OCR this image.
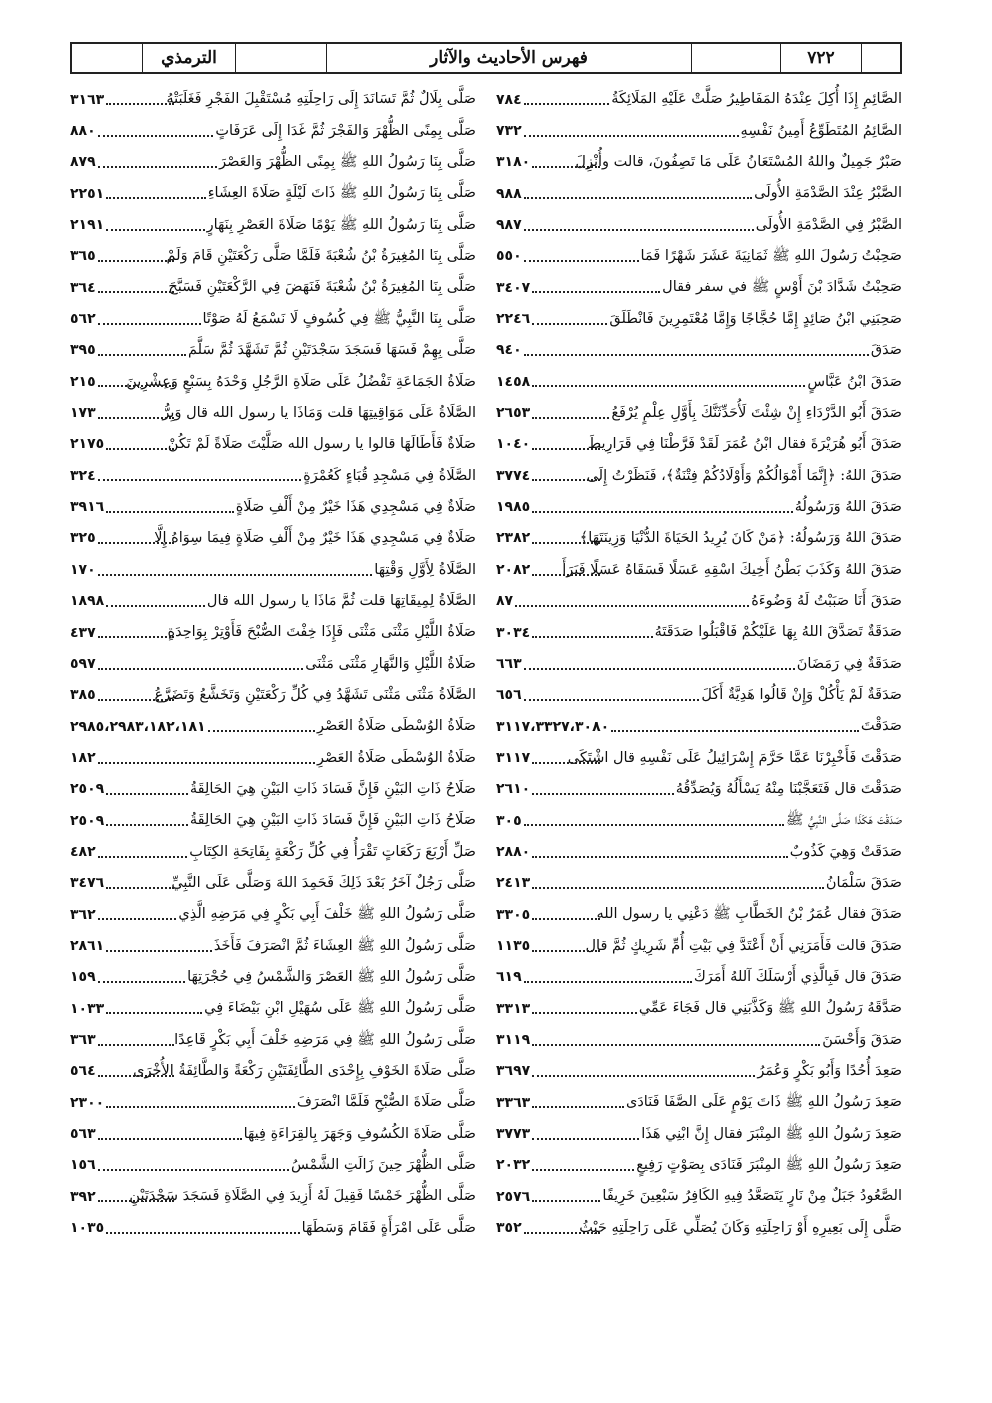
٧٢٢
فهرس الأحاديث والآثار
الترمذي
الصَّائِمِ إِذَا أُكِلَ عِنْدَهُ المَفَاطِيرُ صَلَّتْ عَلَيْهِ المَلَائِكَةُ
٧٨٤
الصَّائِمُ المُتَطَوِّعُ أَمِينُ نَفْسِهِ
٧٣٢
صَبْرٌ جَمِيلٌ واللهُ المُسْتَعَانُ عَلَى مَا تَصِفُونَ، قالت وأُنْزِلَ
٣١٨٠
الصَّبْرُ عِنْدَ الصَّدْمَةِ الأُولَى
٩٨٨
الصَّبْرُ فِي الصَّدْمَةِ الأُولَى
٩٨٧
صَحِبْتُ رَسُولَ اللهِ ﷺ ثَمَانِيَةَ عَشَرَ شَهْرًا فَمَا
٥٥٠
صَحِبْتُ شَدَّادَ بْنَ أَوْسٍ ﷺ في سفر فقال
٣٤٠٧
صَحِبَنِي ابْنُ صَائِدٍ إِمَّا حُجَّاجًا وَإِمَّا مُعْتَمِرِينَ فَانْطَلَقَ
٢٢٤٦
صَدَقَ
٩٤٠
صَدَقَ ابْنُ عَبَّاسٍ
١٤٥٨
صَدَقَ أَبُو الدَّرْدَاءِ إِنْ شِئْتَ لَأُحَدِّثَنَّكَ بِأَوَّلِ عِلْمٍ يُرْفَعُ
٢٦٥٣
صَدَقَ أَبُو هُرَيْرَةَ فقال ابْنُ عُمَرَ لَقَدْ فَرَّطْنَا فِي قَرَارِيطَ
١٠٤٠
صَدَقَ اللهُ: ﴿إِنَّمَا أَمْوَالُكُمْ وَأَوْلَادُكُمْ فِتْنَةٌ﴾، فَنَظَرْتُ إِلَى
٣٧٧٤
صَدَقَ اللهُ وَرَسُولُهُ
١٩٨٥
صَدَقَ اللهُ وَرَسُولُهُ: ﴿مَنْ كَانَ يُرِيدُ الحَيَاةَ الدُّنْيَا وَزِينَتَهَا﴾
٢٣٨٢
صَدَقَ اللهُ وَكَذَبَ بَطْنُ أَخِيكَ اسْقِهِ عَسَلًا فَسَقَاهُ عَسَلًا فَبَرَأَ
٢٠٨٢
صَدَقَ أَنَا صَبَبْتُ لَهُ وَضُوءَهُ
٨٧
صَدَقَةٌ تَصَدَّقَ اللهُ بِهَا عَلَيْكُمْ فَاقْبَلُوا صَدَقَتَهُ
٣٠٣٤
صَدَقَةٌ فِي رَمَضَانَ
٦٦٣
صَدَقَةٌ لَمْ يَأْكُلْ وَإِنْ قَالُوا هَدِيَّةٌ أَكَلَ
٦٥٦
صَدَقْتَ
٣١١٧،٣٣٢٧،٣٠٨٠
صَدَقْتَ فَأَخْبِرْنَا عَمَّا حَرَّمَ إِسْرَائِيلُ عَلَى نَفْسِهِ قال اشْتَكَى
٣١١٧
صَدَقْتَ قال فَتَعَجَّبْنَا مِنْهُ يَسْأَلُهُ وَيُصَدِّقُهُ
٢٦١٠
صَدَقْتَ هَكَذَا صَلَّى النَّبِيُّ ﷺ
٣٠٥
صَدَقَتْ وَهِيَ كَذُوبٌ
٢٨٨٠
صَدَقَ سَلْمَانُ
٢٤١٣
صَدَقَ فقال عُمَرُ بْنُ الخَطَّابِ ﷺ دَعْنِي يا رسول الله
٣٣٠٥
صَدَقَ قالت فَأَمَرَنِي أَنْ أَعْتَدَّ فِي بَيْتِ أُمِّ شَرِيكٍ ثُمَّ قال
١١٣٥
صَدَقَ قال فَبِالَّذِي أَرْسَلَكَ آللهُ أَمَرَكَ
٦١٩
صَدَّقَهُ رَسُولُ اللهِ ﷺ وَكَذَّبَنِي قال فَجَاءَ عَمِّي
٣٣١٣
صَدَقَ وَأَحْسَنَ
٣١١٩
صَعِدَ أُحُدًا وَأَبُو بَكْرٍ وَعُمَرُ
٣٦٩٧
صَعِدَ رَسُولُ اللهِ ﷺ ذَاتَ يَوْمٍ عَلَى الصَّفَا فَنَادَى
٣٣٦٣
صَعِدَ رَسُولُ اللهِ ﷺ المِنْبَرَ فقال إِنَّ ابْنِي هَذَا
٣٧٧٣
صَعِدَ رَسُولُ اللهِ ﷺ المِنْبَرَ فَنَادَى بِصَوْتٍ رَفِيعٍ
٢٠٣٢
الصَّعُودُ جَبَلٌ مِنْ نَارٍ يَتَصَعَّدُ فِيهِ الكَافِرُ سَبْعِينَ خَرِيفًا
٢٥٧٦
صَلَّى إِلَى بَعِيرِهِ أَوْ رَاحِلَتِهِ وَكَانَ يُصَلِّي عَلَى رَاحِلَتِهِ حَيْثُ
٣٥٢
صَلَّى بِلَالٌ ثُمَّ تَسَانَدَ إِلَى رَاحِلَتِهِ مُسْتَقْبِلَ الفَجْرِ فَغَلَبَتْهُ
٣١٦٣
صَلَّى بِمِنًى الظُّهْرَ وَالفَجْرَ ثُمَّ غَدَا إِلَى عَرَفَاتٍ
٨٨٠
صَلَّى بِنَا رَسُولُ اللهِ ﷺ بِمِنًى الظُّهْرَ وَالعَصْرَ
٨٧٩
صَلَّى بِنَا رَسُولُ اللهِ ﷺ ذَاتَ لَيْلَةٍ صَلَاةَ العِشَاءِ
٢٢٥١
صَلَّى بِنَا رَسُولُ اللهِ ﷺ يَوْمًا صَلَاةَ العَصْرِ بِنَهَارٍ
٢١٩١
صَلَّى بِنَا المُغِيرَةُ بْنُ شُعْبَةَ فَلَمَّا صَلَّى رَكْعَتَيْنِ قَامَ وَلَمْ
٣٦٥
صَلَّى بِنَا المُغِيرَةُ بْنُ شُعْبَةَ فَنَهَضَ فِي الرَّكْعَتَيْنِ فَسَبَّحَ
٣٦٤
صَلَّى بِنَا النَّبِيُّ ﷺ فِي كُسُوفٍ لَا نَسْمَعُ لَهُ صَوْتًا
٥٦٢
صَلَّى بِهِمْ فَسَهَا فَسَجَدَ سَجْدَتَيْنِ ثُمَّ تَشَهَّدَ ثُمَّ سَلَّمَ
٣٩٥
صَلَاةُ الجَمَاعَةِ تَفْضُلُ عَلَى صَلَاةِ الرَّجُلِ وَحْدَهُ بِسَبْعٍ وَعِشْرِينَ
٢١٥
الصَّلَاةُ عَلَى مَوَاقِيتِهَا قلت وَمَاذَا يا رسول الله قال وَبِرُّ
١٧٣
صَلَاةٌ فَأَطَالَهَا قالوا يا رسول الله صَلَّيْتَ صَلَاةً لَمْ تَكُنْ
٢١٧٥
الصَّلَاةُ فِي مَسْجِدِ قُبَاءٍ كَعُمْرَةٍ
٣٢٤
صَلَاةٌ فِي مَسْجِدِي هَذَا خَيْرٌ مِنْ أَلْفِ صَلَاةٍ
٣٩١٦
صَلَاةٌ فِي مَسْجِدِي هَذَا خَيْرٌ مِنْ أَلْفِ صَلَاةٍ فِيمَا سِوَاهُ إِلَّا
٣٢٥
الصَّلَاةُ لِأَوَّلِ وَقْتِهَا
١٧٠
الصَّلَاةُ لِمِيقَاتِهَا قلت ثُمَّ مَاذَا يا رسول الله قال
١٨٩٨
صَلَاةُ اللَّيْلِ مَثْنَى مَثْنَى فَإِذَا خِفْتَ الصُّبْحَ فَأَوْتِرْ بِوَاحِدَةٍ
٤٣٧
صَلَاةُ اللَّيْلِ وَالنَّهَارِ مَثْنَى مَثْنَى
٥٩٧
الصَّلَاةُ مَثْنَى مَثْنَى تَشَهَّدُ فِي كُلِّ رَكْعَتَيْنِ وَتَخَشَّعُ وَتَضَرَّعُ
٣٨٥
صَلَاةُ الوُسْطَى صَلَاةُ العَصْرِ
٢٩٨٥،٢٩٨٣،١٨٢،١٨١
صَلَاةُ الوُسْطَى صَلَاةُ العَصْرِ
١٨٢
صَلَاحُ ذَاتِ البَيْنِ فَإِنَّ فَسَادَ ذَاتِ البَيْنِ هِيَ الحَالِقَةُ
٢٥٠٩
صَلَاحُ ذَاتِ البَيْنِ فَإِنَّ فَسَادَ ذَاتِ البَيْنِ هِيَ الحَالِقَةُ
٢٥٠٩
صَلِّ أَرْبَعَ رَكَعَاتٍ تَقْرَأُ فِي كُلِّ رَكْعَةٍ بِفَاتِحَةِ الكِتَابِ
٤٨٢
صَلَّى رَجُلٌ آخَرُ بَعْدَ ذَلِكَ فَحَمِدَ اللهَ وَصَلَّى عَلَى النَّبِيِّ
٣٤٧٦
صَلَّى رَسُولُ اللهِ ﷺ خَلْفَ أَبِي بَكْرٍ فِي مَرَضِهِ الَّذِي
٣٦٢
صَلَّى رَسُولُ اللهِ ﷺ العِشَاءَ ثُمَّ انْصَرَفَ فَأَخَذَ
٢٨٦١
صَلَّى رَسُولُ اللهِ ﷺ العَصْرَ وَالشَّمْسُ فِي حُجْرَتِهَا
١٥٩
صَلَّى رَسُولُ اللهِ ﷺ عَلَى سُهَيْلِ ابْنِ بَيْضَاءَ فِي
١٠٣٣
صَلَّى رَسُولُ اللهِ ﷺ فِي مَرَضِهِ خَلْفَ أَبِي بَكْرٍ قَاعِدًا
٣٦٣
صَلَّى صَلَاةَ الخَوْفِ بِإِحْدَى الطَّائِفَتَيْنِ رَكْعَةً وَالطَّائِفَةُ الأُخْرَى
٥٦٤
صَلَّى صَلَاةَ الصُّبْحِ فَلَمَّا انْصَرَفَ
٢٣٠٠
صَلَّى صَلَاةَ الكُسُوفِ وَجَهَرَ بِالقِرَاءَةِ فِيهَا
٥٦٣
صَلَّى الظُّهْرَ حِينَ زَالَتِ الشَّمْسُ
١٥٦
صَلَّى الظُّهْرَ خَمْسًا فَقِيلَ لَهُ أَزِيدَ فِي الصَّلَاةِ فَسَجَدَ سَجْدَتَيْنِ
٣٩٢
صَلَّى عَلَى امْرَأَةٍ فَقَامَ وَسَطَهَا
١٠٣٥
